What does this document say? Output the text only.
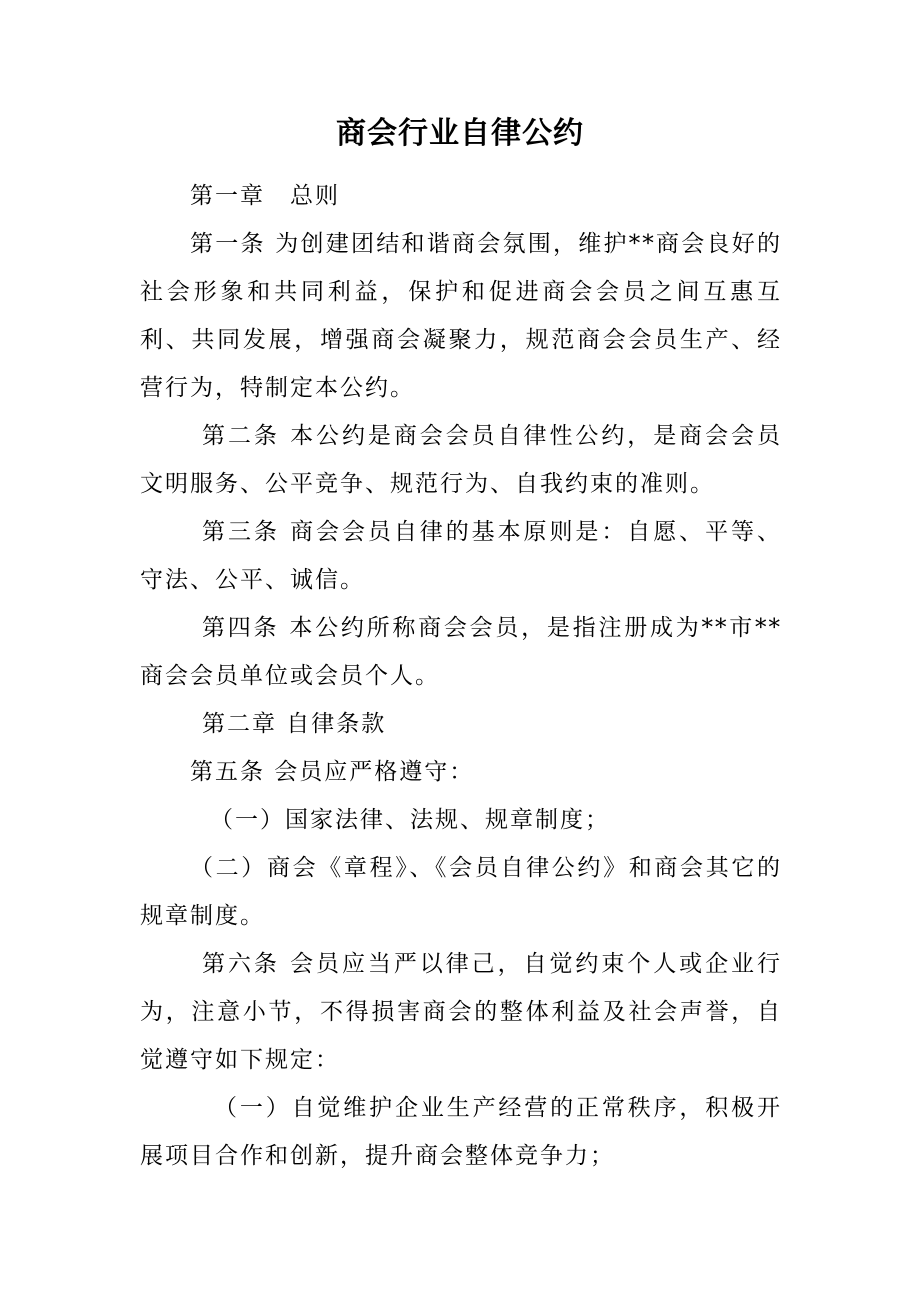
商会行业自律公约

第一章　总则

第一条 为创建团结和谐商会氛围，维护**商会良好的社会形象和共同利益，保护和促进商会会员之间互惠互利、共同发展，增强商会凝聚力，规范商会会员生产、经营行为，特制定本公约。

第二条 本公约是商会会员自律性公约，是商会会员文明服务、公平竞争、规范行为、自我约束的准则。

第三条 商会会员自律的基本原则是：自愿、平等、守法、公平、诚信。

第四条 本公约所称商会会员，是指注册成为**市**商会会员单位或会员个人。

第二章 自律条款

第五条 会员应严格遵守：

（一）国家法律、法规、规章制度；

（二）商会《章程》、《会员自律公约》和商会其它的规章制度。

第六条 会员应当严以律己，自觉约束个人或企业行为，注意小节，不得损害商会的整体利益及社会声誉，自觉遵守如下规定：

（一）自觉维护企业生产经营的正常秩序，积极开展项目合作和创新，提升商会整体竞争力；
